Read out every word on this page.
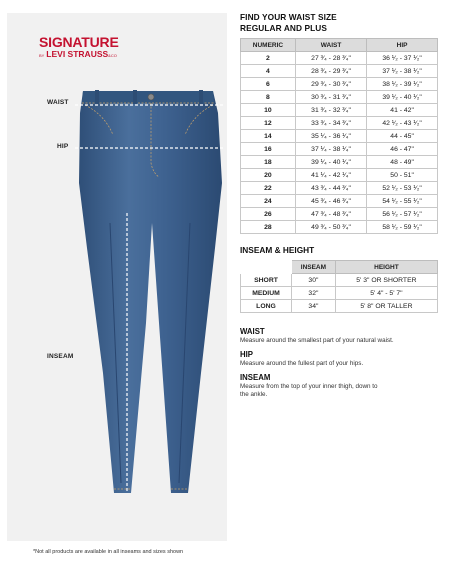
SIGNATURE
BY LEVI STRAUSS&CO
WAIST
HIP
INSEAM
*Not all products are available in all inseams and sizes shown
FIND YOUR WAIST SIZE
REGULAR AND PLUS
NUMERIC	WAIST	HIP
2	27 ³⁄₄ - 28 ³⁄₄"	36 ¹⁄₂ - 37 ¹⁄₂"
4	28 ³⁄₄ - 29 ³⁄₄"	37 ¹⁄₂ - 38 ¹⁄₂"
6	29 ³⁄₄ - 30 ³⁄₄"	38 ¹⁄₂ - 39 ¹⁄₂"
8	30 ³⁄₄ - 31 ³⁄₄"	39 ¹⁄₂ - 40 ¹⁄₂"
10	31 ³⁄₄ - 32 ³⁄₄"	41 - 42"
12	33 ³⁄₄ - 34 ³⁄₄"	42 ¹⁄₂ - 43 ¹⁄₂"
14	35 ¹⁄₄ - 36 ¹⁄₄"	44 - 45"
16	37 ¹⁄₄ - 38 ¹⁄₄"	46 - 47"
18	39 ¹⁄₄ - 40 ¹⁄₄"	48 - 49"
20	41 ¹⁄₄ - 42 ¹⁄₄"	50 - 51"
22	43 ³⁄₄ - 44 ³⁄₄"	52 ¹⁄₂ - 53 ¹⁄₂"
24	45 ³⁄₄ - 46 ³⁄₄"	54 ¹⁄₂ - 55 ¹⁄₂"
26	47 ³⁄₄ - 48 ³⁄₄"	56 ¹⁄₂ - 57 ¹⁄₂"
28	49 ³⁄₄ - 50 ³⁄₄"	58 ¹⁄₂ - 59 ¹⁄₂"
INSEAM & HEIGHT
	INSEAM	HEIGHT
SHORT	30"	5' 3" OR SHORTER
MEDIUM	32"	5' 4" - 5' 7"
LONG	34"	5' 8" OR TALLER
WAIST
Measure around the smallest part of your natural waist.
HIP
Measure around the fullest part of your hips.
INSEAM
Measure from the top of your inner thigh, down to
the ankle.
